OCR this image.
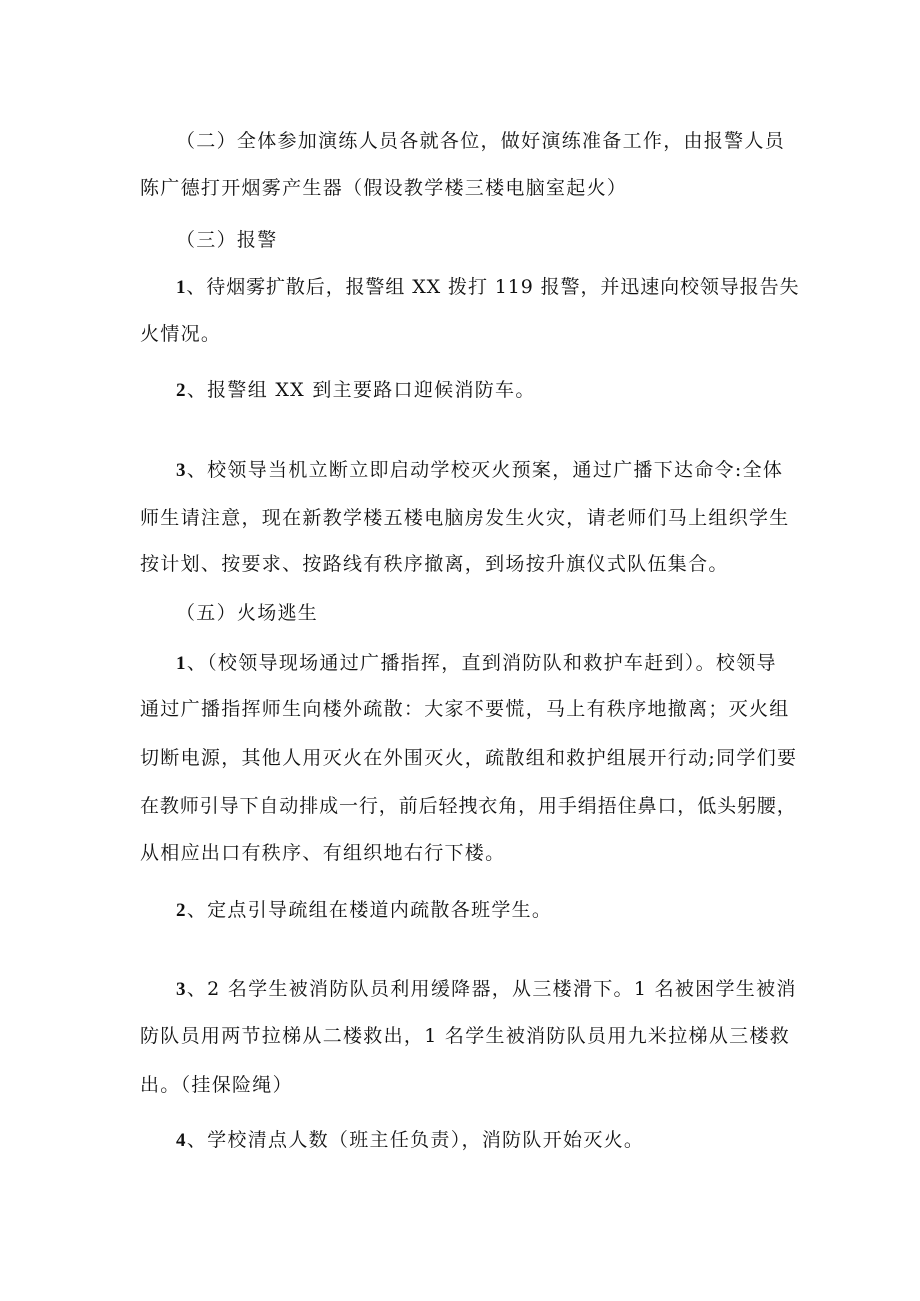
（二）全体参加演练人员各就各位，做好演练准备工作，由报警人员
陈广德打开烟雾产生器（假设教学楼三楼电脑室起火）
（三）报警
1、待烟雾扩散后，报警组 XX 拨打 119 报警，并迅速向校领导报告失
火情况。
2、报警组 XX 到主要路口迎候消防车。
3、校领导当机立断立即启动学校灭火预案，通过广播下达命令:全体
师生请注意，现在新教学楼五楼电脑房发生火灾，请老师们马上组织学生
按计划、按要求、按路线有秩序撤离，到场按升旗仪式队伍集合。
（五）火场逃生
1、（校领导现场通过广播指挥，直到消防队和救护车赶到）。校领导
通过广播指挥师生向楼外疏散：大家不要慌，马上有秩序地撤离；灭火组
切断电源，其他人用灭火在外围灭火，疏散组和救护组展开行动;同学们要
在教师引导下自动排成一行，前后轻拽衣角，用手绢捂住鼻口，低头躬腰，
从相应出口有秩序、有组织地右行下楼。
2、定点引导疏组在楼道内疏散各班学生。
3、2 名学生被消防队员利用缓降器，从三楼滑下。1 名被困学生被消
防队员用两节拉梯从二楼救出，1 名学生被消防队员用九米拉梯从三楼救
出。（挂保险绳）
4、学校清点人数（班主任负责），消防队开始灭火。
